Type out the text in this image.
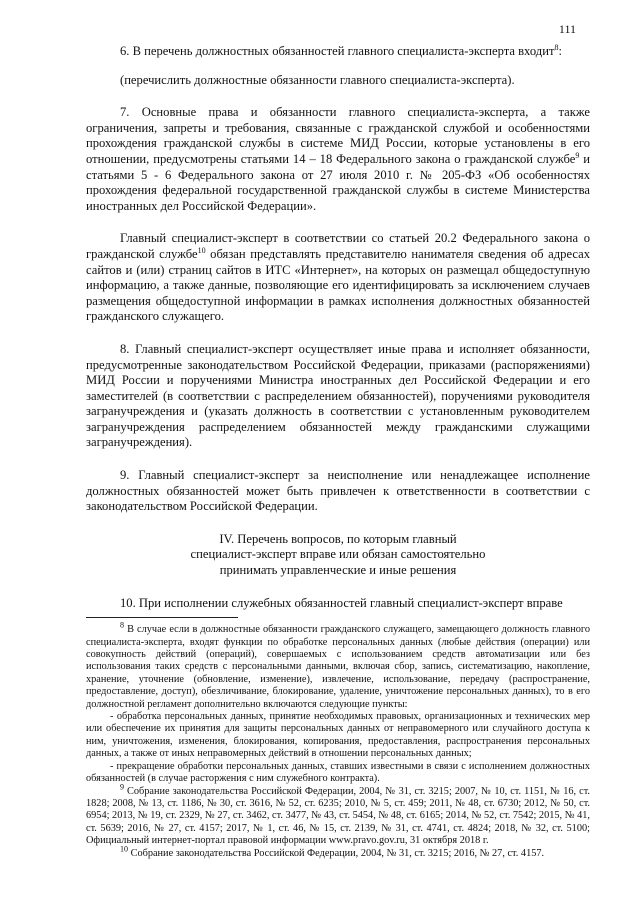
111

6. В перечень должностных обязанностей главного специалиста-эксперта входит$^8$:

(перечислить должностные обязанности главного специалиста-эксперта).

7. Основные права и обязанности главного специалиста-эксперта, а также ограничения, запреты и требования, связанные с гражданской службой и особенностями прохождения гражданской службы в системе МИД России, которые установлены в его отношении, предусмотрены статьями 14 – 18 Федерального закона о гражданской службе$^9$ и статьями 5 - 6 Федерального закона от 27 июля 2010 г. № 205-ФЗ «Об особенностях прохождения федеральной государственной гражданской службы в системе Министерства иностранных дел Российской Федерации».

Главный специалист-эксперт в соответствии со статьей 20.2 Федерального закона о гражданской службе$^{10}$ обязан представлять представителю нанимателя сведения об адресах сайтов и (или) страниц сайтов в ИТС «Интернет», на которых он размещал общедоступную информацию, а также данные, позволяющие его идентифицировать за исключением случаев размещения общедоступной информации в рамках исполнения должностных обязанностей гражданского служащего.

8. Главный специалист-эксперт осуществляет иные права и исполняет обязанности, предусмотренные законодательством Российской Федерации, приказами (распоряжениями) МИД России и поручениями Министра иностранных дел Российской Федерации и его заместителей (в соответствии с распределением обязанностей), поручениями руководителя загранучреждения и (указать должность в соответствии с установленным руководителем загранучреждения распределением обязанностей между гражданскими служащими загранучреждения).

9. Главный специалист-эксперт за неисполнение или ненадлежащее исполнение должностных обязанностей может быть привлечен к ответственности в соответствии с законодательством Российской Федерации.

IV. Перечень вопросов, по которым главный
специалист-эксперт вправе или обязан самостоятельно
принимать управленческие и иные решения

10. При исполнении служебных обязанностей главный специалист-эксперт вправе

$^8$ В случае если в должностные обязанности гражданского служащего, замещающего должность главного специалиста-эксперта, входят функции по обработке персональных данных (любые действия (операции) или совокупность действий (операций), совершаемых с использованием средств автоматизации или без использования таких средств с персональными данными, включая сбор, запись, систематизацию, накопление, хранение, уточнение (обновление, изменение), извлечение, использование, передачу (распространение, предоставление, доступ), обезличивание, блокирование, удаление, уничтожение персональных данных), то в его должностной регламент дополнительно включаются следующие пункты:

- обработка персональных данных, принятие необходимых правовых, организационных и технических мер или обеспечение их принятия для защиты персональных данных от неправомерного или случайного доступа к ним, уничтожения, изменения, блокирования, копирования, предоставления, распространения персональных данных, а также от иных неправомерных действий в отношении персональных данных;

- прекращение обработки персональных данных, ставших известными в связи с исполнением должностных обязанностей (в случае расторжения с ним служебного контракта).

$^9$ Собрание законодательства Российской Федерации, 2004, № 31, ст. 3215; 2007, № 10, ст. 1151, № 16, ст. 1828; 2008, № 13, ст. 1186, № 30, ст. 3616, № 52, ст. 6235; 2010, № 5, ст. 459; 2011, № 48, ст. 6730; 2012, № 50, ст. 6954; 2013, № 19, ст. 2329, № 27, ст. 3462, ст. 3477, № 43, ст. 5454, № 48, ст. 6165; 2014, № 52, ст. 7542; 2015, № 41, ст. 5639; 2016, № 27, ст. 4157; 2017, № 1, ст. 46, № 15, ст. 2139, № 31, ст. 4741, ст. 4824; 2018, № 32, ст. 5100; Официальный интернет-портал правовой информации www.pravo.gov.ru, 31 октября 2018 г.

$^{10}$ Собрание законодательства Российской Федерации, 2004, № 31, ст. 3215; 2016, № 27, ст. 4157.
